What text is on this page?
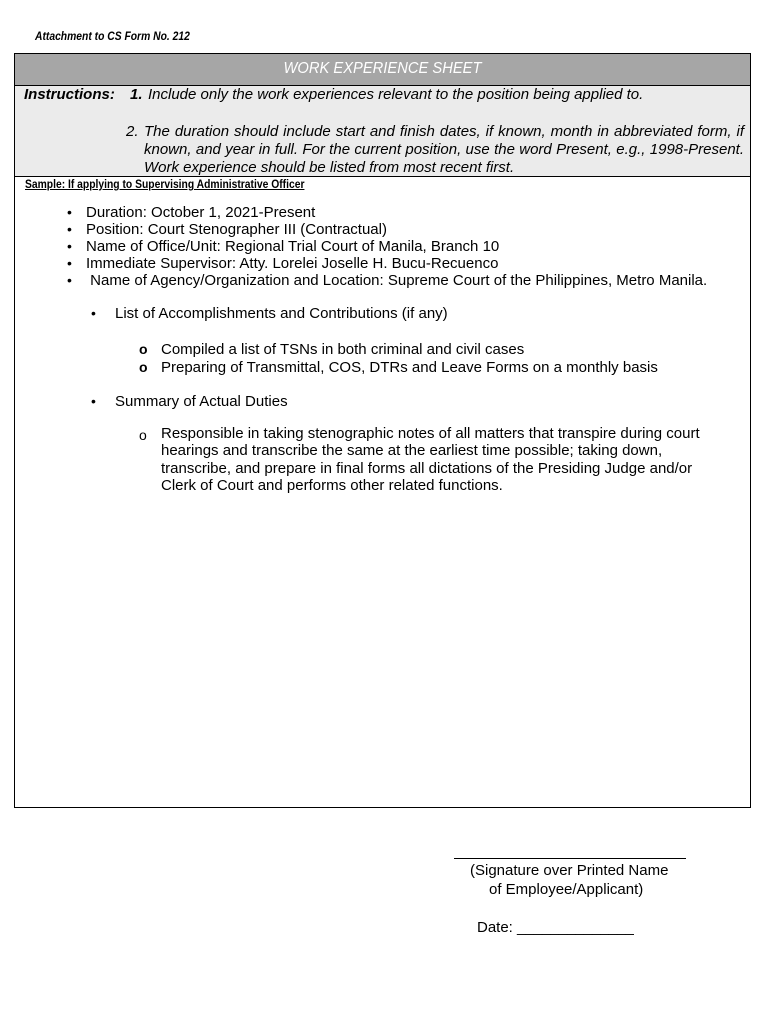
Attachment to CS Form No. 212
WORK EXPERIENCE SHEET
Instructions: 1. Include only the work experiences relevant to the position being applied to.
2. The duration should include start and finish dates, if known, month in abbreviated form, if known, and year in full. For the current position, use the word Present, e.g., 1998-Present. Work experience should be listed from most recent first.
Sample: If applying to Supervising Administrative Officer
• Duration: October 1, 2021-Present
• Position: Court Stenographer III (Contractual)
• Name of Office/Unit: Regional Trial Court of Manila, Branch 10
• Immediate Supervisor: Atty. Lorelei Joselle H. Bucu-Recuenco
• Name of Agency/Organization and Location: Supreme Court of the Philippines, Metro Manila.
• List of Accomplishments and Contributions (if any)
o Compiled a list of TSNs in both criminal and civil cases
o Preparing of Transmittal, COS, DTRs and Leave Forms on a monthly basis
• Summary of Actual Duties
o Responsible in taking stenographic notes of all matters that transpire during court hearings and transcribe the same at the earliest time possible; taking down, transcribe, and prepare in final forms all dictations of the Presiding Judge and/or Clerk of Court and performs other related functions.
(Signature over Printed Name
of Employee/Applicant)
Date: ______________
